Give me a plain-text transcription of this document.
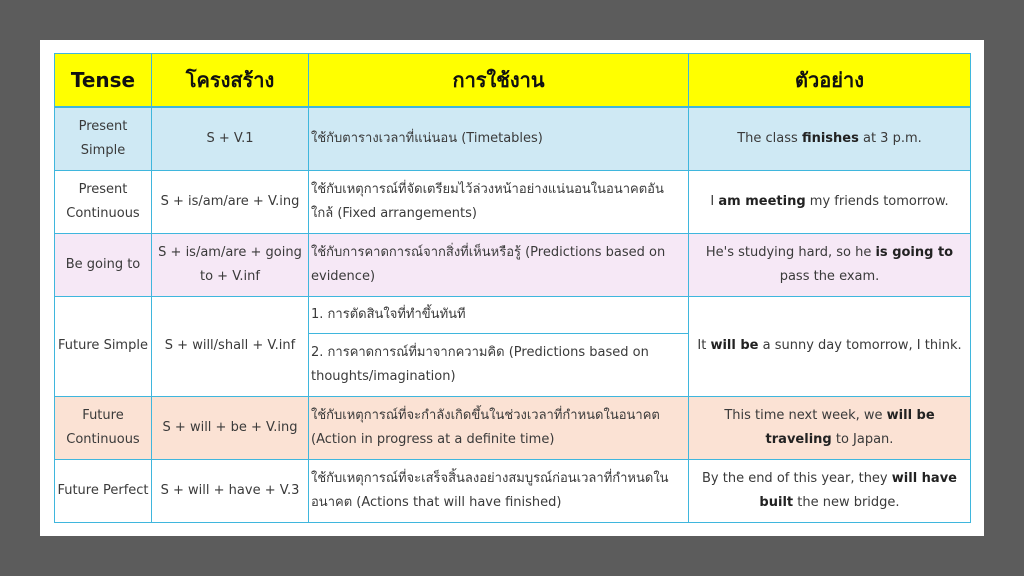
Tense	โครงสร้าง	การใช้งาน	ตัวอย่าง
Present Simple	S + V.1	ใช้กับตารางเวลาที่แน่นอน (Timetables)	The class finishes at 3 p.m.
Present Continuous	S + is/am/are + V.ing	ใช้กับเหตุการณ์ที่จัดเตรียมไว้ล่วงหน้าอย่างแน่นอนในอนาคตอันใกล้ (Fixed arrangements)	I am meeting my friends tomorrow.
Be going to	S + is/am/are + going to + V.inf	ใช้กับการคาดการณ์จากสิ่งที่เห็นหรือรู้ (Predictions based on evidence)	He's studying hard, so he is going to pass the exam.
Future Simple	S + will/shall + V.inf	1. การตัดสินใจที่ทำขึ้นทันที	It will be a sunny day tomorrow, I think.
		2. การคาดการณ์ที่มาจากความคิด (Predictions based on thoughts/imagination)	
Future Continuous	S + will + be + V.ing	ใช้กับเหตุการณ์ที่จะกำลังเกิดขึ้นในช่วงเวลาที่กำหนดในอนาคต (Action in progress at a definite time)	This time next week, we will be traveling to Japan.
Future Perfect	S + will + have + V.3	ใช้กับเหตุการณ์ที่จะเสร็จสิ้นลงอย่างสมบูรณ์ก่อนเวลาที่กำหนดในอนาคต (Actions that will have finished)	By the end of this year, they will have built the new bridge.
